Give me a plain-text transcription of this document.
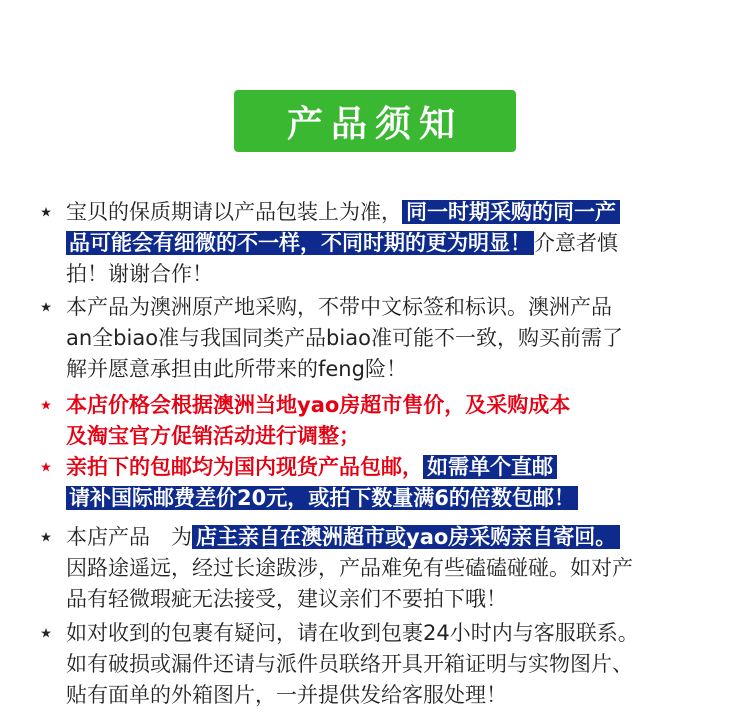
产品须知
⋆ 宝贝的保质期请以产品包装上为准， 同一时期采购的同一产
品可能会有细微的不一样，不同时期的更为明显！ 介意者慎
拍！谢谢合作！
⋆ 本产品为澳洲原产地采购，不带中文标签和标识。澳洲产品
an全biao准与我国同类产品biao准可能不一致，购买前需了
解并愿意承担由此所带来的feng险！
⋆ 本店价格会根据澳洲当地yao房超市售价，及采购成本
及淘宝官方促销活动进行调整；
⋆ 亲拍下的包邮均为国内现货产品包邮， 如需单个直邮
请补国际邮费差价20元，或拍下数量满6的倍数包邮！
⋆ 本店产品　为 店主亲自在澳洲超市或yao房采购亲自寄回。
因路途遥远，经过长途跋涉，产品难免有些磕磕碰碰。如对产
品有轻微瑕疵无法接受，建议亲们不要拍下哦！
⋆ 如对收到的包裹有疑问，请在收到包裹24小时内与客服联系。
如有破损或漏件还请与派件员联络开具开箱证明与实物图片、
贴有面单的外箱图片，一并提供发给客服处理！
